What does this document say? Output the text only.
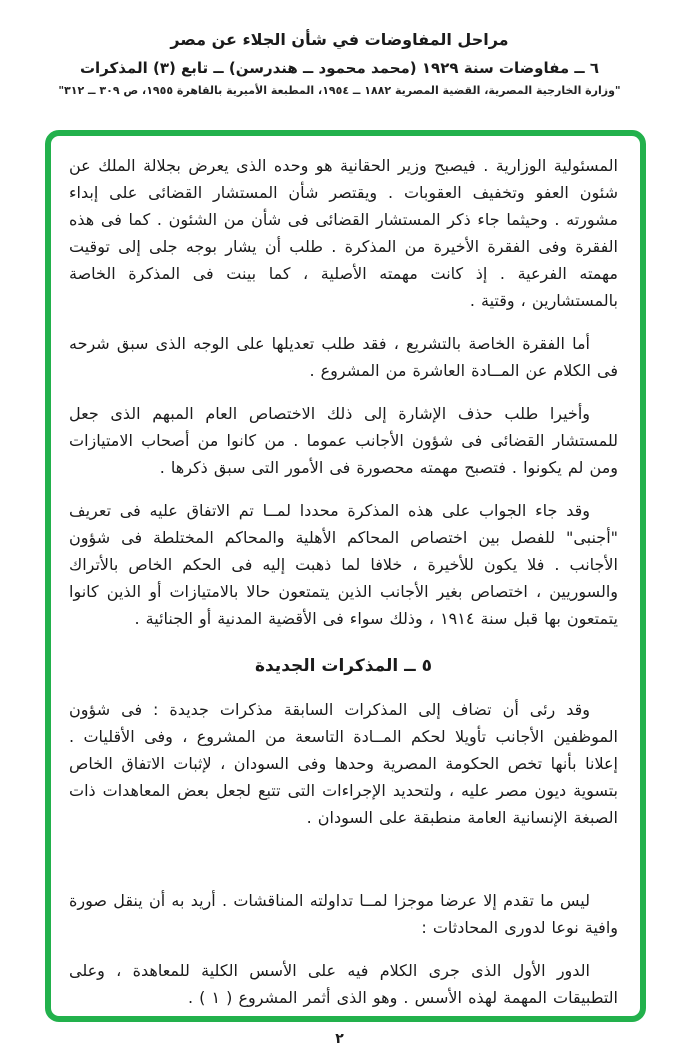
مراحل المفاوضات في شأن الجلاء عن مصر
٦ ــ مفاوضات سنة ١٩٢٩ (محمد محمود ــ هندرسن) ــ تابع (٣) المذكرات
"وزارة الخارجية المصرية، القضية المصرية ١٨٨٢ ــ ١٩٥٤، المطبعة الأميرية بالقاهرة ١٩٥٥، ص ٣٠٩ ــ ٣١٢"

المسئولية الوزارية . فيصبح وزير الحقانية هو وحده الذى يعرض بجلالة الملك عن شئون العفو وتخفيف العقوبات . ويقتصر شأن المستشار القضائى على إبداء مشورته . وحيثما جاء ذكر المستشار القضائى فى شأن من الشئون . كما فى هذه الفقرة وفى الفقرة الأخيرة من المذكرة . طلب أن يشار بوجه جلى إلى توقيت مهمته الفرعية . إذ كانت مهمته الأصلية ، كما بينت فى المذكرة الخاصة بالمستشارين ، وقتية .

أما الفقرة الخاصة بالتشريع ، فقد طلب تعديلها على الوجه الذى سبق شرحه فى الكلام عن المــادة العاشرة من المشروع .

وأخيرا طلب حذف الإشارة إلى ذلك الاختصاص العام المبهم الذى جعل للمستشار القضائى فى شؤون الأجانب عموما . من كانوا من أصحاب الامتيازات ومن لم يكونوا . فتصبح مهمته محصورة فى الأمور التى سبق ذكرها .

وقد جاء الجواب على هذه المذكرة محددا لمــا تم الاتفاق عليه فى تعريف "أجنبى" للفصل بين اختصاص المحاكم الأهلية والمحاكم المختلطة فى شؤون الأجانب . فلا يكون للأخيرة ، خلافا لما ذهبت إليه فى الحكم الخاص بالأتراك والسوريين ، اختصاص بغير الأجانب الذين يتمتعون حالا بالامتيازات أو الذين كانوا يتمتعون بها قبل سنة ١٩١٤ ، وذلك سواء فى الأقضية المدنية أو الجنائية .

٥ ــ المذكرات الجديدة

وقد رئى أن تضاف إلى المذكرات السابقة مذكرات جديدة : فى شؤون الموظفين الأجانب تأويلا لحكم المــادة التاسعة من المشروع ، وفى الأقليات . إعلانا بأنها تخص الحكومة المصرية وحدها وفى السودان ، لإثبات الاتفاق الخاص بتسوية ديون مصر عليه ، ولتحديد الإجراءات التى تتبع لجعل بعض المعاهدات ذات الصبغة الإنسانية العامة منطبقة على السودان .

ليس ما تقدم إلا عرضا موجزا لمــا تداولته المناقشات . أريد به أن ينقل صورة وافية نوعا لدورى المحادثات :

الدور الأول الذى جرى الكلام فيه على الأسس الكلية للمعاهدة ، وعلى التطبيقات المهمة لهذه الأسس . وهو الذى أثمر المشروع ( ١ ) .

٢
